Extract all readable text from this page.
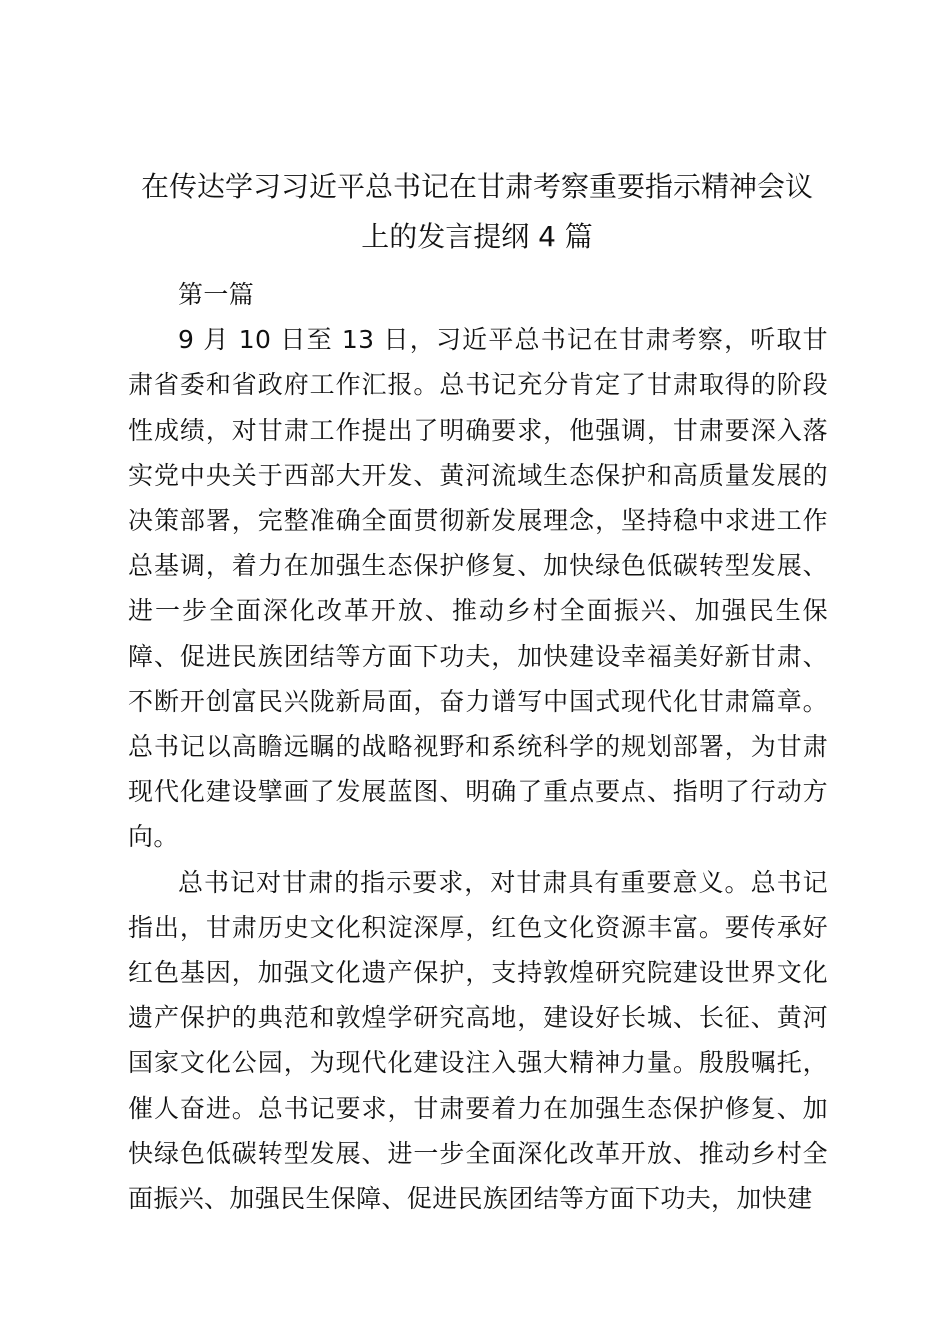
在传达学习习近平总书记在甘肃考察重要指示精神会议
上的发言提纲 4 篇

第一篇

9 月 10 日至 13 日，习近平总书记在甘肃考察，听取甘肃省委和省政府工作汇报。总书记充分肯定了甘肃取得的阶段性成绩，对甘肃工作提出了明确要求，他强调，甘肃要深入落实党中央关于西部大开发、黄河流域生态保护和高质量发展的决策部署，完整准确全面贯彻新发展理念，坚持稳中求进工作总基调，着力在加强生态保护修复、加快绿色低碳转型发展、进一步全面深化改革开放、推动乡村全面振兴、加强民生保障、促进民族团结等方面下功夫，加快建设幸福美好新甘肃、不断开创富民兴陇新局面，奋力谱写中国式现代化甘肃篇章。总书记以高瞻远瞩的战略视野和系统科学的规划部署，为甘肃现代化建设擘画了发展蓝图、明确了重点要点、指明了行动方向。

总书记对甘肃的指示要求，对甘肃具有重要意义。总书记指出，甘肃历史文化积淀深厚，红色文化资源丰富。要传承好红色基因，加强文化遗产保护，支持敦煌研究院建设世界文化遗产保护的典范和敦煌学研究高地，建设好长城、长征、黄河国家文化公园，为现代化建设注入强大精神力量。殷殷嘱托，催人奋进。总书记要求，甘肃要着力在加强生态保护修复、加快绿色低碳转型发展、进一步全面深化改革开放、推动乡村全面振兴、加强民生保障、促进民族团结等方面下功夫，加快建
